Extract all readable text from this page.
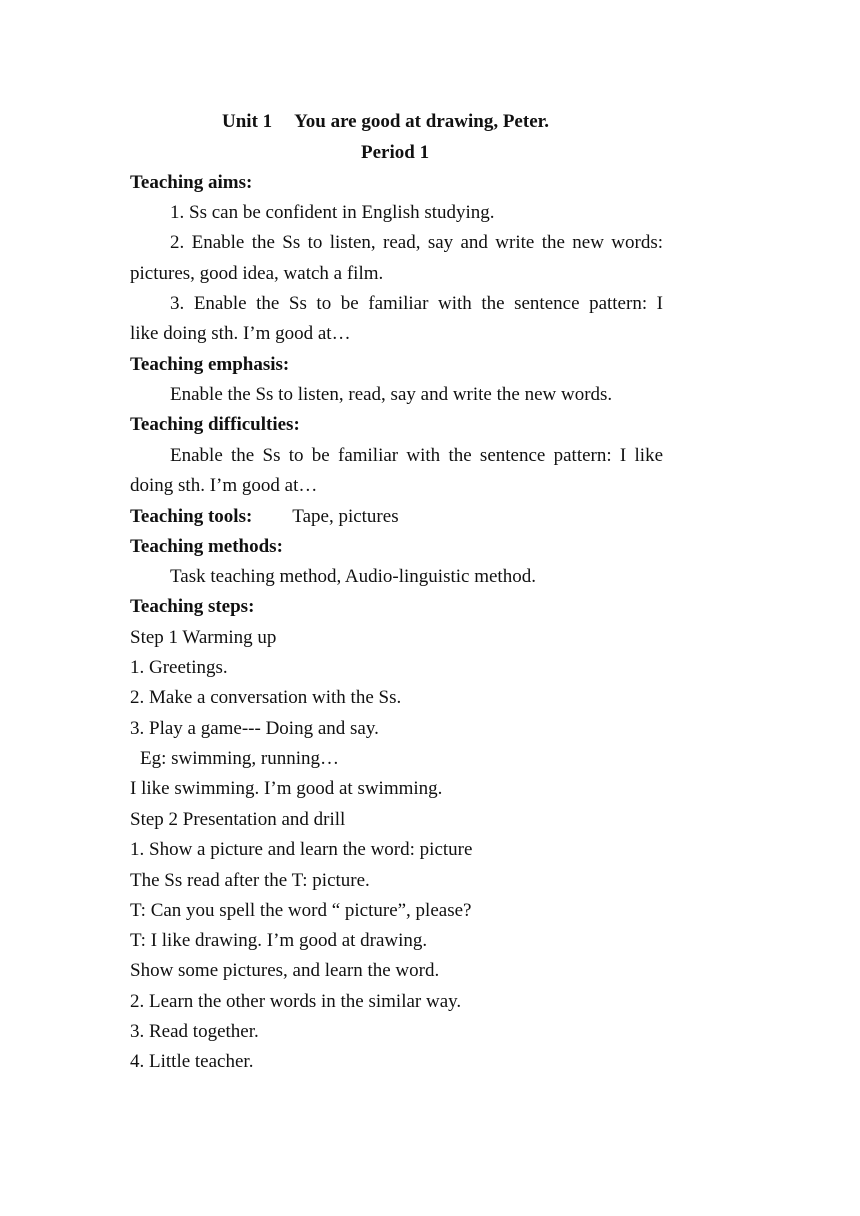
Unit 1 You are good at drawing, Peter.
Period 1
Teaching aims:
1. Ss can be confident in English studying.
2. Enable the Ss to listen, read, say and write the new words:
pictures, good idea, watch a film.
3. Enable the Ss to be familiar with the sentence pattern: I
like doing sth. I’m good at…
Teaching emphasis:
Enable the Ss to listen, read, say and write the new words.
Teaching difficulties:
Enable the Ss to be familiar with the sentence pattern: I like
doing sth. I’m good at…
Teaching tools: Tape, pictures
Teaching methods:
Task teaching method, Audio-linguistic method.
Teaching steps:
Step 1 Warming up
1. Greetings.
2. Make a conversation with the Ss.
3. Play a game--- Doing and say.
Eg: swimming, running…
I like swimming. I’m good at swimming.
Step 2 Presentation and drill
1. Show a picture and learn the word: picture
The Ss read after the T: picture.
T: Can you spell the word “ picture”, please?
T: I like drawing. I’m good at drawing.
Show some pictures, and learn the word.
2. Learn the other words in the similar way.
3. Read together.
4. Little teacher.
